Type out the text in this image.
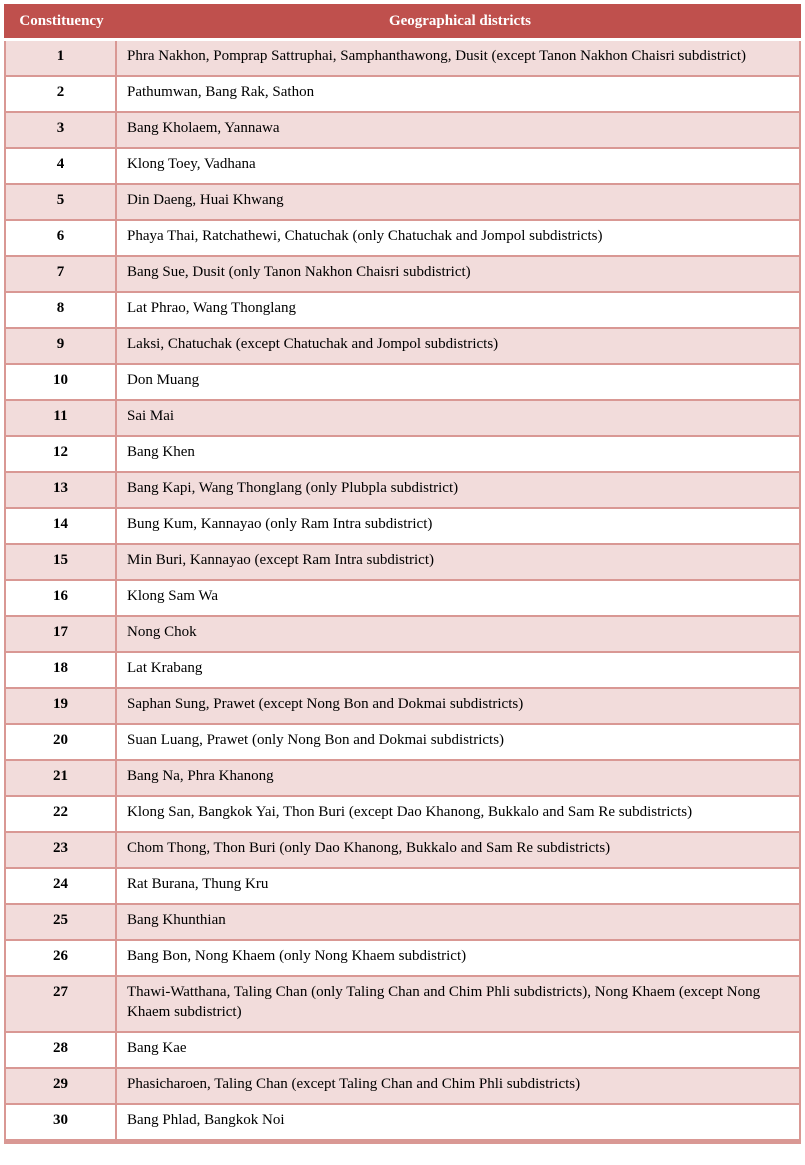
Constituency	Geographical districts
1	Phra Nakhon, Pomprap Sattruphai, Samphanthawong, Dusit (except Tanon Nakhon Chaisri subdistrict)
2	Pathumwan, Bang Rak, Sathon
3	Bang Kholaem, Yannawa
4	Klong Toey, Vadhana
5	Din Daeng, Huai Khwang
6	Phaya Thai, Ratchathewi, Chatuchak (only Chatuchak and Jompol subdistricts)
7	Bang Sue, Dusit (only Tanon Nakhon Chaisri subdistrict)
8	Lat Phrao, Wang Thonglang
9	Laksi, Chatuchak (except Chatuchak and Jompol subdistricts)
10	Don Muang
11	Sai Mai
12	Bang Khen
13	Bang Kapi, Wang Thonglang (only Plubpla subdistrict)
14	Bung Kum, Kannayao (only Ram Intra subdistrict)
15	Min Buri, Kannayao (except Ram Intra subdistrict)
16	Klong Sam Wa
17	Nong Chok
18	Lat Krabang
19	Saphan Sung, Prawet (except Nong Bon and Dokmai subdistricts)
20	Suan Luang, Prawet (only Nong Bon and Dokmai subdistricts)
21	Bang Na, Phra Khanong
22	Klong San, Bangkok Yai, Thon Buri (except Dao Khanong, Bukkalo and Sam Re subdistricts)
23	Chom Thong, Thon Buri (only Dao Khanong, Bukkalo and Sam Re subdistricts)
24	Rat Burana, Thung Kru
25	Bang Khunthian
26	Bang Bon, Nong Khaem (only Nong Khaem subdistrict)
27	Thawi-Watthana, Taling Chan (only Taling Chan and Chim Phli subdistricts), Nong Khaem (except Nong Khaem subdistrict)
28	Bang Kae
29	Phasicharoen, Taling Chan (except Taling Chan and Chim Phli subdistricts)
30	Bang Phlad, Bangkok Noi
